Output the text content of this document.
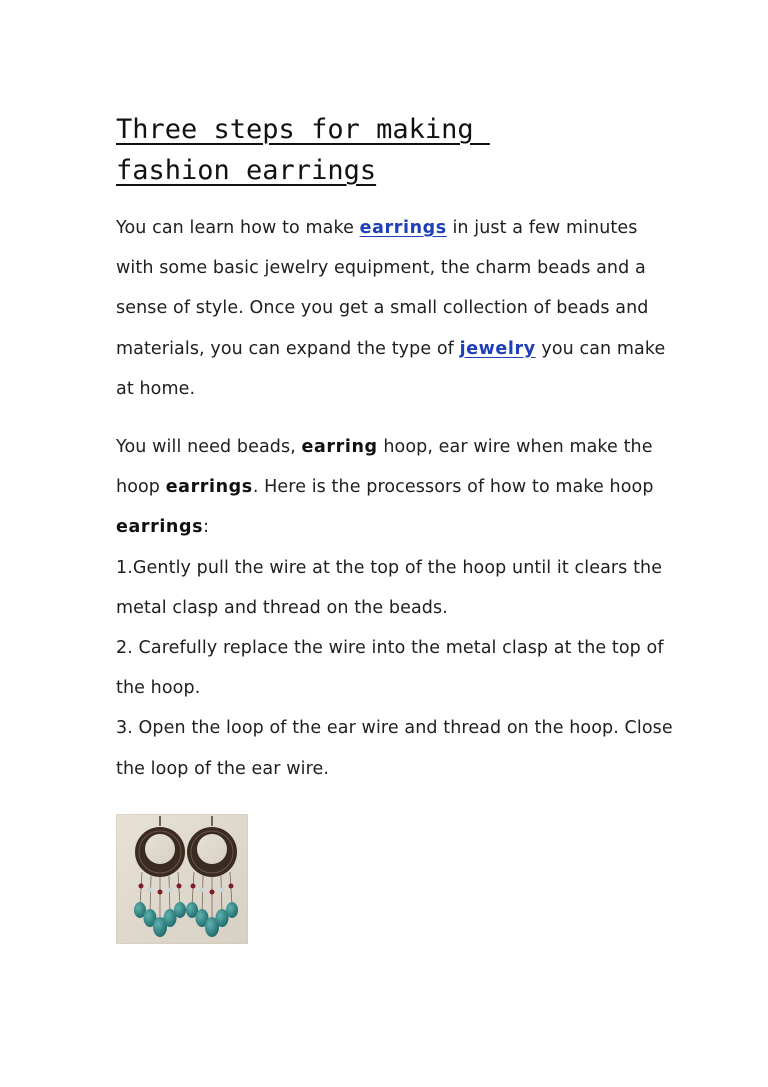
Three steps for making
fashion earrings

You can learn how to make earrings in just a few minutes with some basic jewelry equipment, the charm beads and a sense of style. Once you get a small collection of beads and materials, you can expand the type of jewelry you can make at home.

You will need beads, earring hoop, ear wire when make the hoop earrings. Here is the processors of how to make hoop earrings:

1.Gently pull the wire at the top of the hoop until it clears the metal clasp and thread on the beads.

2. Carefully replace the wire into the metal clasp at the top of the hoop.

3. Open the loop of the ear wire and thread on the hoop. Close the loop of the ear wire.
